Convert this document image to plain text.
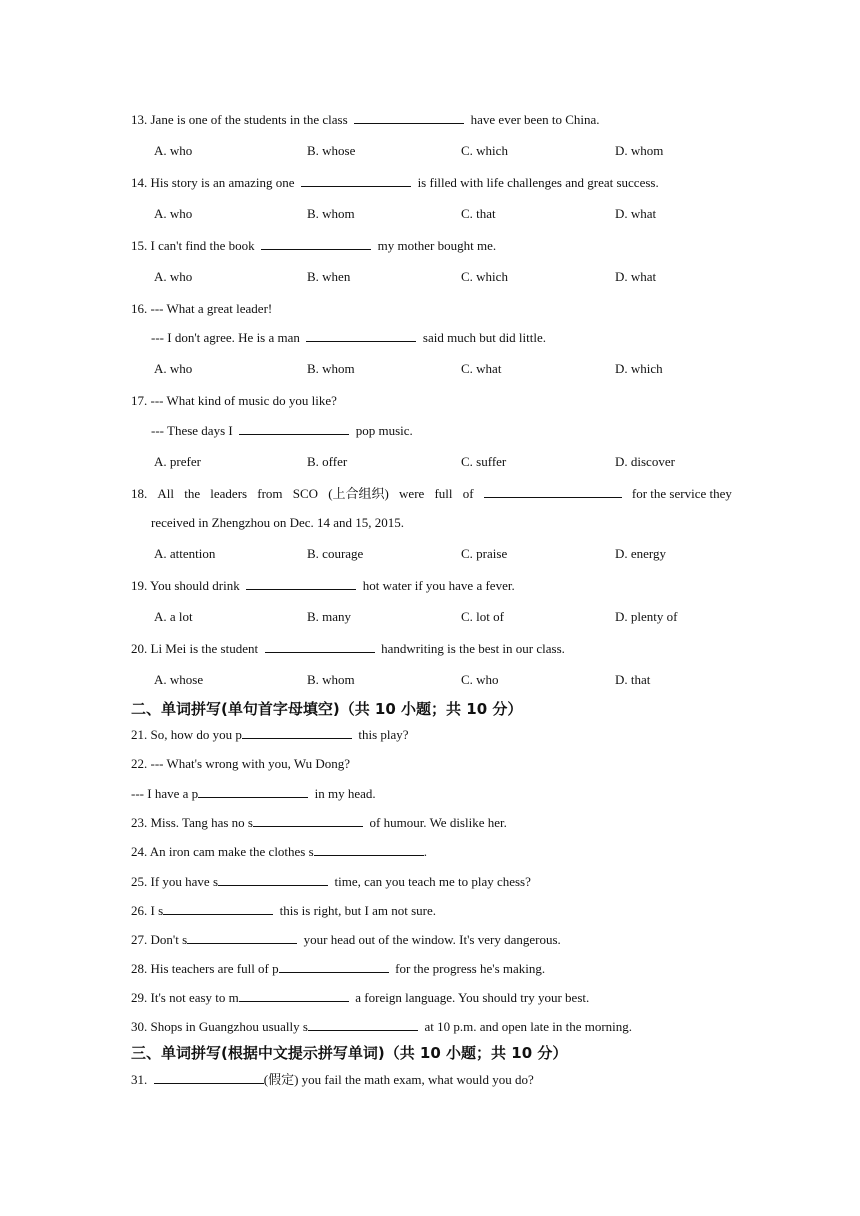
13. Jane is one of the students in the class	have ever been to China.
A. who	B. whose	C. which	D. whom
14. His story is an amazing one	is filled with life challenges and great success.
A. who	B. whom	C. that	D. what
15. I can't find the book	my mother bought me.
A. who	B. when	C. which	D. what
16. --- What a great leader!
--- I don't agree. He is a man	said much but did little.
A. who	B. whom	C. what	D. which
17. --- What kind of music do you like?
--- These days I	pop music.
A. prefer	B. offer	C. suffer	D. discover
18. All the leaders from SCO (上合组织) were full of	for the service they
received in Zhengzhou on Dec. 14 and 15, 2015.
A. attention	B. courage	C. praise	D. energy
19. You should drink	hot water if you have a fever.
A. a lot	B. many	C. lot of	D. plenty of
20. Li Mei is the student	handwriting is the best in our class.
A. whose	B. whom	C. who	D. that
二、单词拼写(单句首字母填空)（共 10 小题；共 10 分）
21. So, how do you p	this play?
22. --- What's wrong with you, Wu Dong?
--- I have a p	in my head.
23. Miss. Tang has no s	of humour. We dislike her.
24. An iron cam make the clothes s	.
25. If you have s	time, can you teach me to play chess?
26. I s	this is right, but I am not sure.
27. Don't s	your head out of the window. It's very dangerous.
28. His teachers are full of p	for the progress he's making.
29. It's not easy to m	a foreign language. You should try your best.
30. Shops in Guangzhou usually s	at 10 p.m. and open late in the morning.
三、单词拼写(根据中文提示拼写单词)（共 10 小题；共 10 分）
31.	(假定) you fail the math exam, what would you do?
